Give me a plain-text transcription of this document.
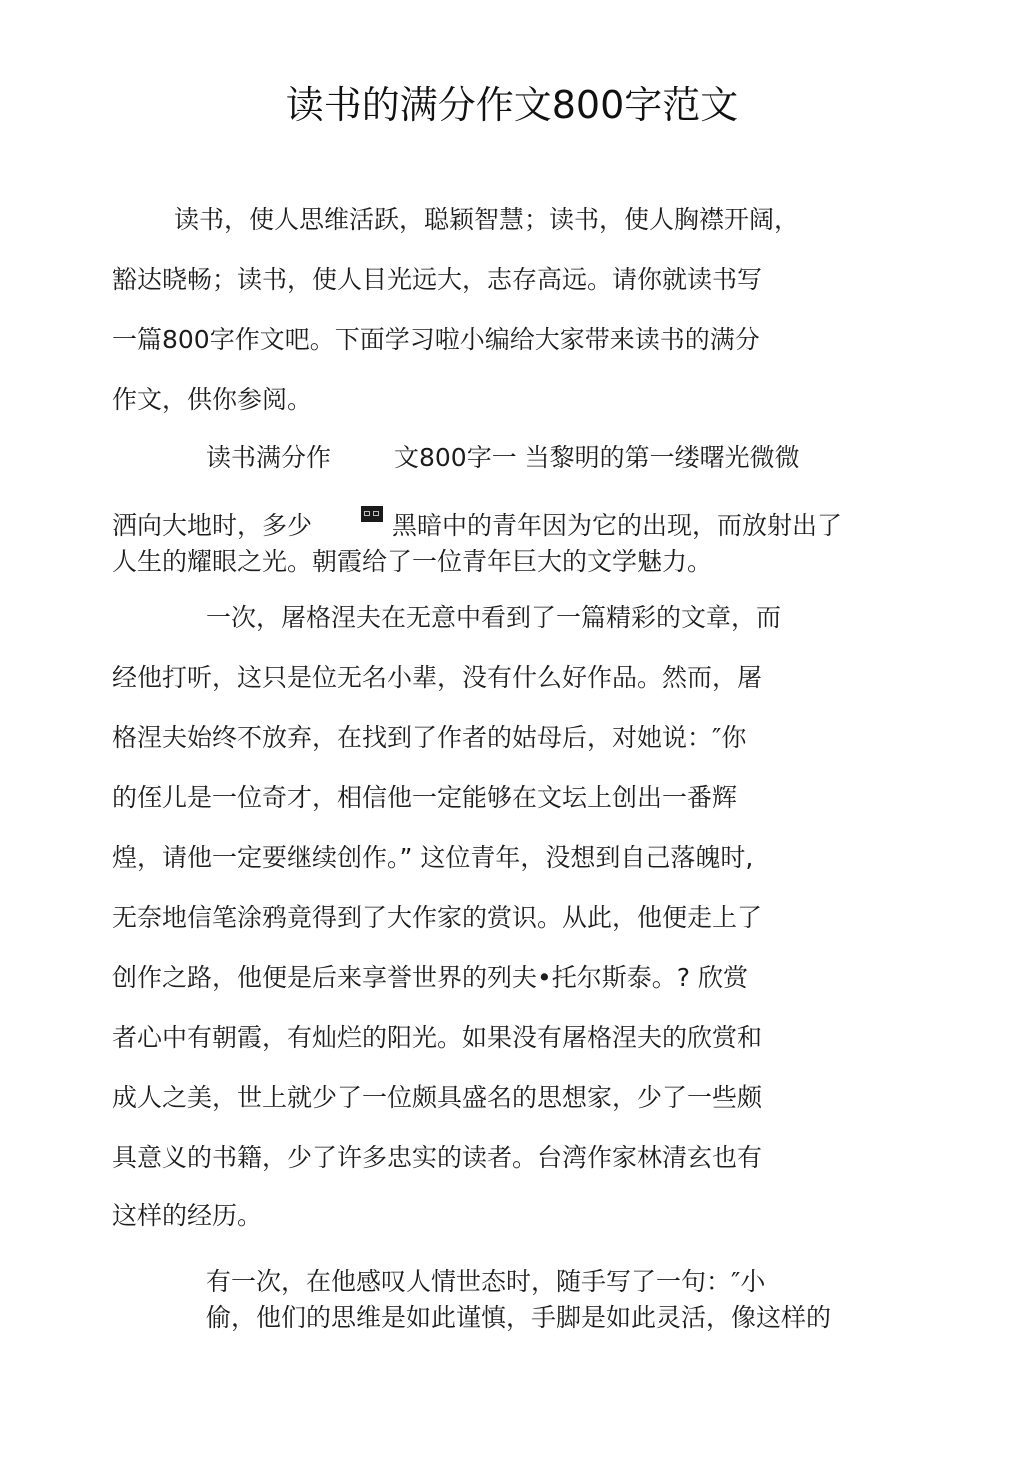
读书的满分作文800字范文
读书，使人思维活跃，聪颖智慧；读书，使人胸襟开阔，
豁达晓畅；读书，使人目光远大，志存高远。请你就读书写
一篇800字作文吧。下面学习啦小编给大家带来读书的满分
作文，供你参阅。
读书满分作	文800字一 当黎明的第一缕曙光微微
洒向大地时，多少	黑暗中的青年因为它的出现，而放射出了
人生的耀眼之光。朝霞给了一位青年巨大的文学魅力。
一次，屠格涅夫在无意中看到了一篇精彩的文章，而
经他打听，这只是位无名小辈，没有什么好作品。然而，屠
格涅夫始终不放弃，在找到了作者的姑母后，对她说：″你
的侄儿是一位奇才，相信他一定能够在文坛上创出一番辉
煌，请他一定要继续创作。” 这位青年，没想到自己落魄时,
无奈地信笔涂鸦竟得到了大作家的赏识。从此，他便走上了
创作之路，他便是后来享誉世界的列夫•托尔斯泰。? 欣赏
者心中有朝霞，有灿烂的阳光。如果没有屠格涅夫的欣赏和
成人之美，世上就少了一位颇具盛名的思想家，少了一些颇
具意义的书籍，少了许多忠实的读者。台湾作家林清玄也有
这样的经历。
有一次，在他感叹人情世态时，随手写了一句：″小
偷，他们的思维是如此谨慎，手脚是如此灵活，像这样的
